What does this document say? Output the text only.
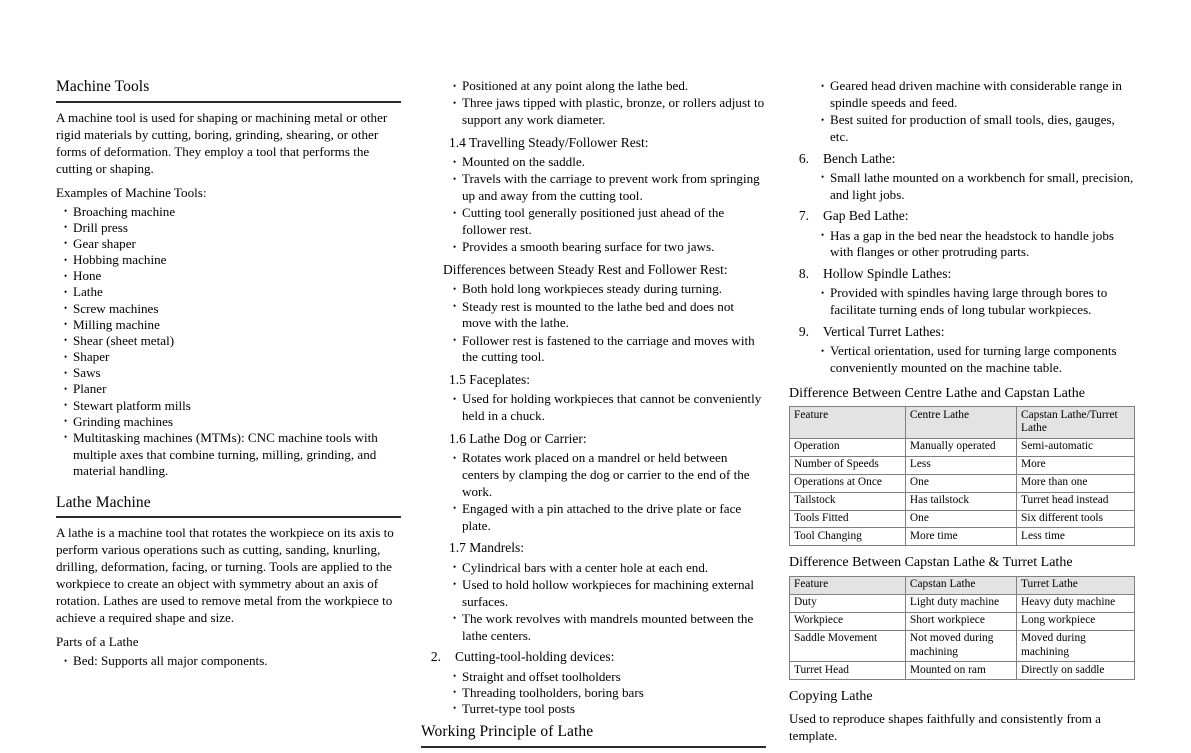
Machine Tools

A machine tool is used for shaping or machining metal or other rigid materials by cutting, boring, grinding, shearing, or other forms of deformation. They employ a tool that performs the cutting or shaping.

Examples of Machine Tools:

• Broaching machine
• Drill press
• Gear shaper
• Hobbing machine
• Hone
• Lathe
• Screw machines
• Milling machine
• Shear (sheet metal)
• Shaper
• Saws
• Planer
• Stewart platform mills
• Grinding machines
• Multitasking machines (MTMs): CNC machine tools with multiple axes that combine turning, milling, grinding, and material handling.
Lathe Machine

A lathe is a machine tool that rotates the workpiece on its axis to perform various operations such as cutting, sanding, knurling, drilling, deformation, facing, or turning. Tools are applied to the workpiece to create an object with symmetry about an axis of rotation. Lathes are used to remove metal from the workpiece to achieve a required shape and size.

Parts of a Lathe

• Bed: Supports all major components.
• Positioned at any point along the lathe bed.
• Three jaws tipped with plastic, bronze, or rollers adjust to support any work diameter.

1.4 Travelling Steady/Follower Rest:

• Mounted on the saddle.
• Travels with the carriage to prevent work from springing up and away from the cutting tool.
• Cutting tool generally positioned just ahead of the follower rest.
• Provides a smooth bearing surface for two jaws.

Differences between Steady Rest and Follower Rest:

• Both hold long workpieces steady during turning.
• Steady rest is mounted to the lathe bed and does not move with the lathe.
• Follower rest is fastened to the carriage and moves with the cutting tool.

1.5 Faceplates:

• Used for holding workpieces that cannot be conveniently held in a chuck.

1.6 Lathe Dog or Carrier:

• Rotates work placed on a mandrel or held between centers by clamping the dog or carrier to the end of the work.
• Engaged with a pin attached to the drive plate or face plate.

1.7 Mandrels:

• Cylindrical bars with a center hole at each end.
• Used to hold hollow workpieces for machining external surfaces.
• The work revolves with mandrels mounted between the lathe centers.
2. Cutting-tool-holding devices:
• Straight and offset toolholders
• Threading toolholders, boring bars
• Turret-type tool posts
Working Principle of Lathe
• Geared head driven machine with considerable range in spindle speeds and feed.
• Best suited for production of small tools, dies, gauges, etc.
6. Bench Lathe:
• Small lathe mounted on a workbench for small, precision, and light jobs.
7. Gap Bed Lathe:
• Has a gap in the bed near the headstock to handle jobs with flanges or other protruding parts.
8. Hollow Spindle Lathes:
• Provided with spindles having large through bores to facilitate turning ends of long tubular workpieces.
9. Vertical Turret Lathes:
• Vertical orientation, used for turning large components conveniently mounted on the machine table.
Difference Between Centre Lathe and Capstan Lathe
Feature	Centre Lathe	Capstan Lathe/Turret Lathe
Operation	Manually operated	Semi-automatic
Number of Speeds	Less	More
Operations at Once	One	More than one
Tailstock	Has tailstock	Turret head instead
Tools Fitted	One	Six different tools
Tool Changing	More time	Less time
Difference Between Capstan Lathe & Turret Lathe
Feature	Capstan Lathe	Turret Lathe
Duty	Light duty machine	Heavy duty machine
Workpiece	Short workpiece	Long workpiece
Saddle Movement	Not moved during machining	Moved during machining
Turret Head	Mounted on ram	Directly on saddle
Copying Lathe

Used to reproduce shapes faithfully and consistently from a template.
